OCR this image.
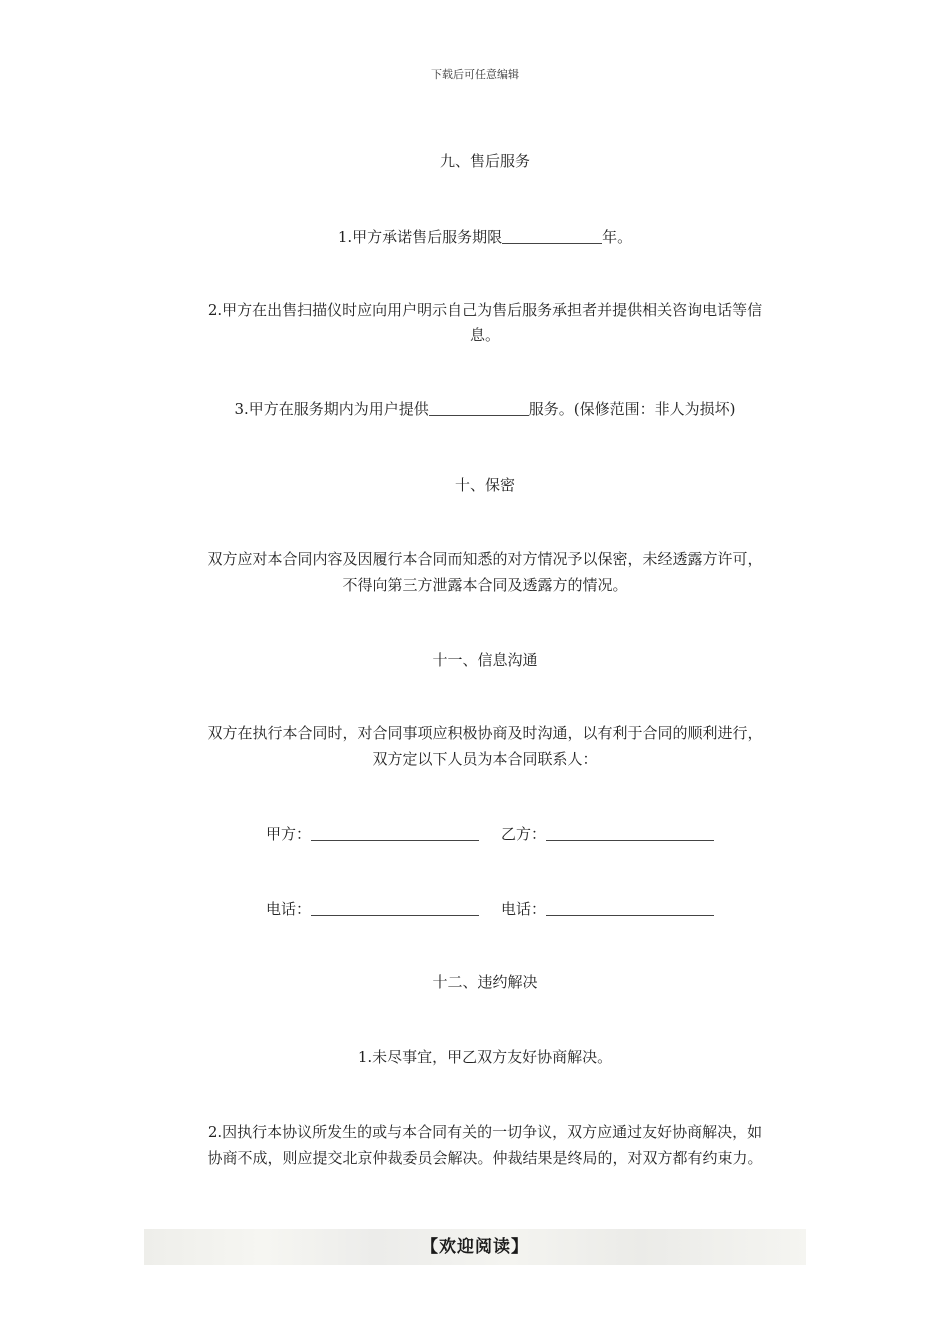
下载后可任意编辑
九、售后服务
1.甲方承诺售后服务期限	年。
2.甲方在出售扫描仪时应向用户明示自己为售后服务承担者并提供相关咨询电话等信
息。
3.甲方在服务期内为用户提供	服务。(保修范围：非人为损坏)
十、保密
双方应对本合同内容及因履行本合同而知悉的对方情况予以保密，未经透露方许可，
不得向第三方泄露本合同及透露方的情况。
十一、信息沟通
双方在执行本合同时，对合同事项应积极协商及时沟通，以有利于合同的顺利进行，
双方定以下人员为本合同联系人：
甲方：	乙方：
电话：	电话：
十二、违约解决
1.未尽事宜，甲乙双方友好协商解决。
2.因执行本协议所发生的或与本合同有关的一切争议，双方应通过友好协商解决，如
协商不成，则应提交北京仲裁委员会解决。仲裁结果是终局的，对双方都有约束力。
【欢迎阅读】
